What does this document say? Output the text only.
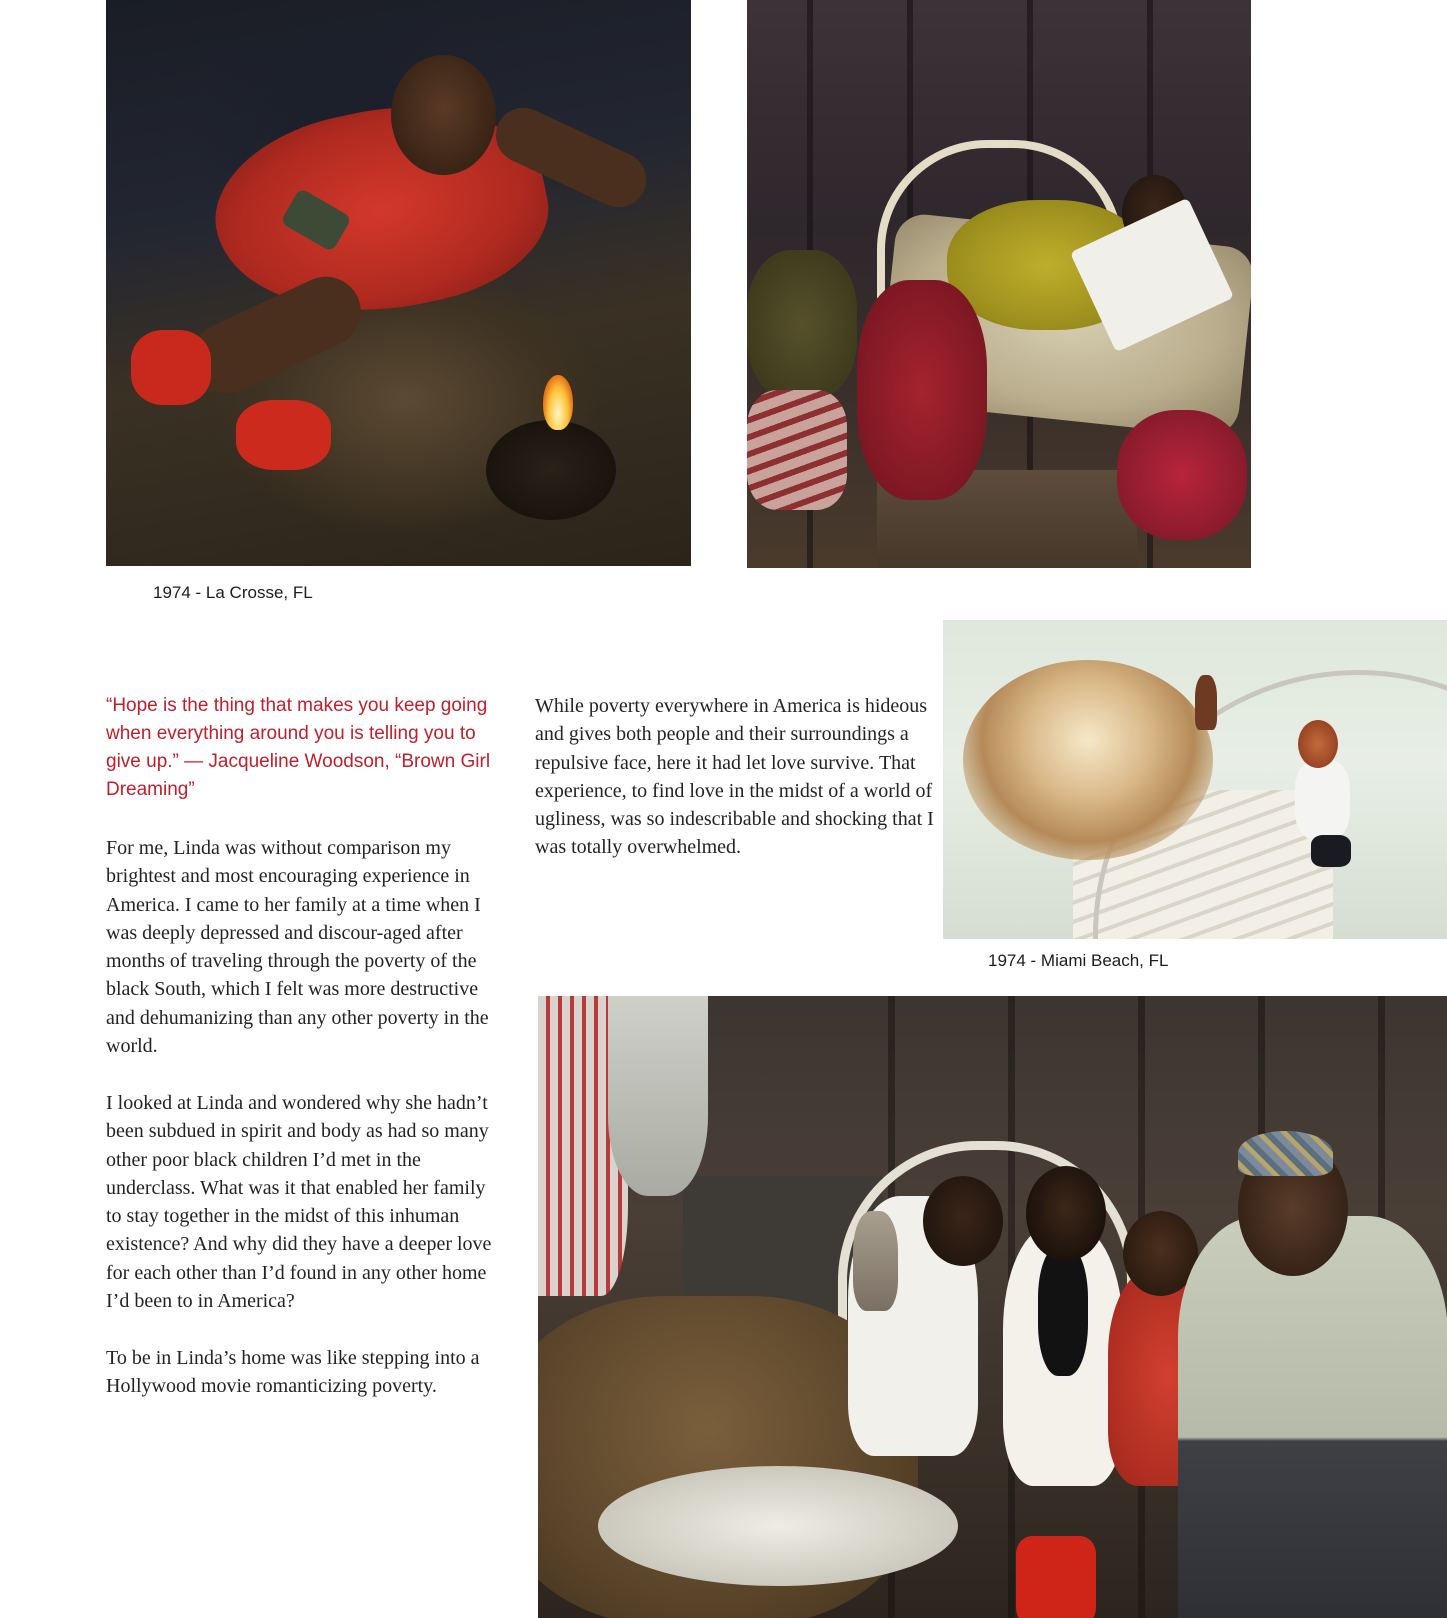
1974 - La Crosse, FL
1974 - Miami Beach, FL

“Hope is the thing that makes you keep going when everything around you is telling you to give up.” — Jacqueline Woodson, “Brown Girl Dreaming”

For me, Linda was without comparison my brightest and most encouraging experience in America. I came to her family at a time when I was deeply depressed and discour-aged after months of traveling through the poverty of the black South, which I felt was more destructive and dehumanizing than any other poverty in the world.

I looked at Linda and wondered why she hadn’t been subdued in spirit and body as had so many other poor black children I’d met in the underclass. What was it that enabled her family to stay together in the midst of this inhuman existence? And why did they have a deeper love for each other than I’d found in any other home I’d been to in America?

To be in Linda’s home was like stepping into a Hollywood movie romanticizing poverty.

While poverty everywhere in America is hideous and gives both people and their surroundings a repulsive face, here it had let love survive. That experience, to find love in the midst of a world of ugliness, was so indescribable and shocking that I was totally overwhelmed.
